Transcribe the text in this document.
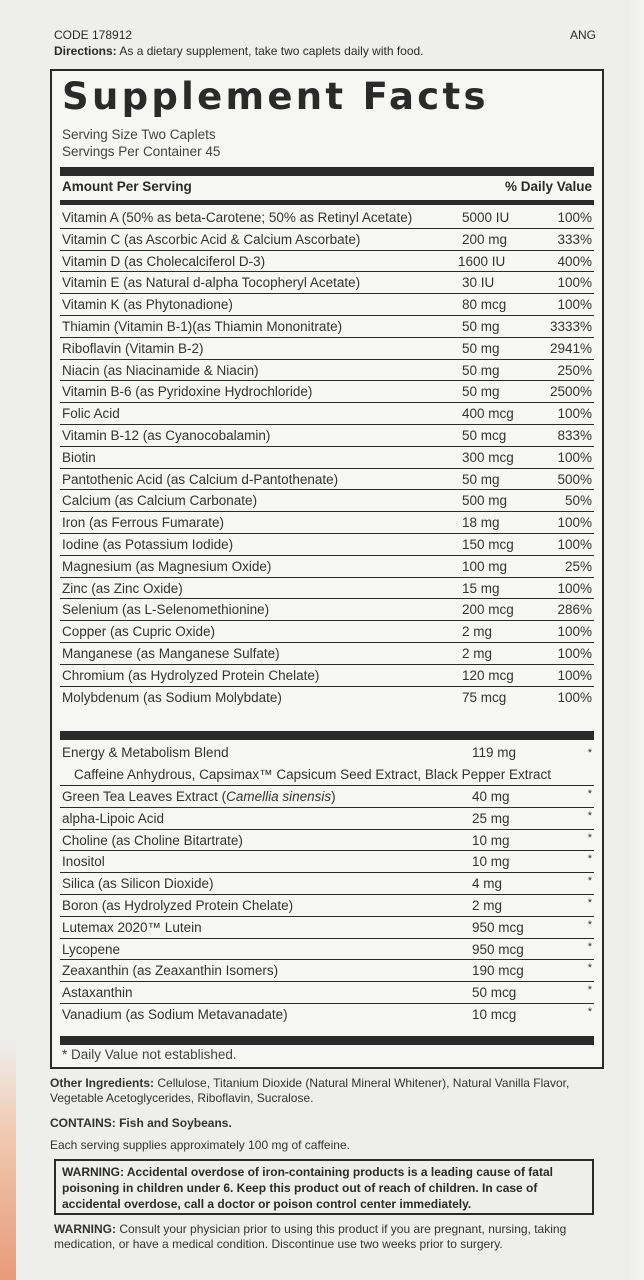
CODE 178912	ANG
Directions: As a dietary supplement, take two caplets daily with food.
Supplement Facts
Serving Size Two Caplets
Servings Per Container 45
Amount Per Serving	% Daily Value
Vitamin A (50% as beta-Carotene; 50% as Retinyl Acetate)	5000 IU	100%
Vitamin C (as Ascorbic Acid & Calcium Ascorbate)	200 mg	333%
Vitamin D (as Cholecalciferol D-3)	1600 IU	400%
Vitamin E (as Natural d-alpha Tocopheryl Acetate)	30 IU	100%
Vitamin K (as Phytonadione)	80 mcg	100%
Thiamin (Vitamin B-1)(as Thiamin Mononitrate)	50 mg	3333%
Riboflavin (Vitamin B-2)	50 mg	2941%
Niacin (as Niacinamide & Niacin)	50 mg	250%
Vitamin B-6 (as Pyridoxine Hydrochloride)	50 mg	2500%
Folic Acid	400 mcg	100%
Vitamin B-12 (as Cyanocobalamin)	50 mcg	833%
Biotin	300 mcg	100%
Pantothenic Acid (as Calcium d-Pantothenate)	50 mg	500%
Calcium (as Calcium Carbonate)	500 mg	50%
Iron (as Ferrous Fumarate)	18 mg	100%
Iodine (as Potassium Iodide)	150 mcg	100%
Magnesium (as Magnesium Oxide)	100 mg	25%
Zinc (as Zinc Oxide)	15 mg	100%
Selenium (as L-Selenomethionine)	200 mcg	286%
Copper (as Cupric Oxide)	2 mg	100%
Manganese (as Manganese Sulfate)	2 mg	100%
Chromium (as Hydrolyzed Protein Chelate)	120 mcg	100%
Molybdenum (as Sodium Molybdate)	75 mcg	100%
Energy & Metabolism Blend	119 mg	*
Caffeine Anhydrous, Capsimax™ Capsicum Seed Extract, Black Pepper Extract
Green Tea Leaves Extract (Camellia sinensis)	40 mg	*
alpha-Lipoic Acid	25 mg	*
Choline (as Choline Bitartrate)	10 mg	*
Inositol	10 mg	*
Silica (as Silicon Dioxide)	4 mg	*
Boron (as Hydrolyzed Protein Chelate)	2 mg	*
Lutemax 2020™ Lutein	950 mcg	*
Lycopene	950 mcg	*
Zeaxanthin (as Zeaxanthin Isomers)	190 mcg	*
Astaxanthin	50 mcg	*
Vanadium (as Sodium Metavanadate)	10 mcg	*
* Daily Value not established.
Other Ingredients: Cellulose, Titanium Dioxide (Natural Mineral Whitener), Natural Vanilla Flavor, Vegetable Acetoglycerides, Riboflavin, Sucralose.
CONTAINS: Fish and Soybeans.
Each serving supplies approximately 100 mg of caffeine.
WARNING: Accidental overdose of iron-containing products is a leading cause of fatal poisoning in children under 6. Keep this product out of reach of children. In case of accidental overdose, call a doctor or poison control center immediately.
WARNING: Consult your physician prior to using this product if you are pregnant, nursing, taking medication, or have a medical condition. Discontinue use two weeks prior to surgery.
